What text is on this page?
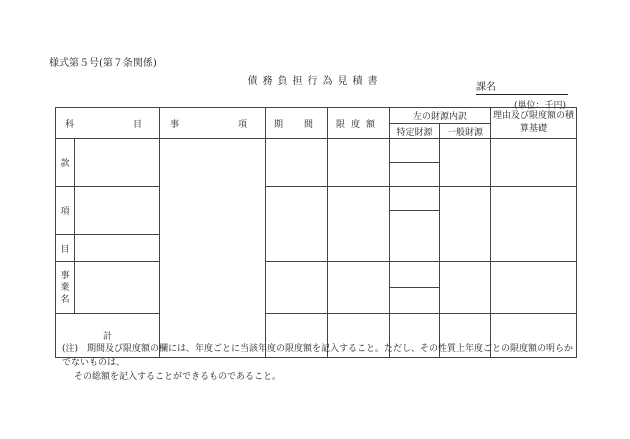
様式第５号(第７条関係)
債務負担行為見積書
課名
(単位：千円)
科　　　目		事　　　項	期　間	限度額	左の財源内訳		理由及び限度額の積算基礎
					特定財源	一般財源	
款							

項							

目							
事業名							

計							
(注)　期間及び限度額の欄には、年度ごとに当該年度の限度額を記入すること。ただし、その性質上年度ごとの限度額の明らかでないものは、
その総額を記入することができるものであること。
